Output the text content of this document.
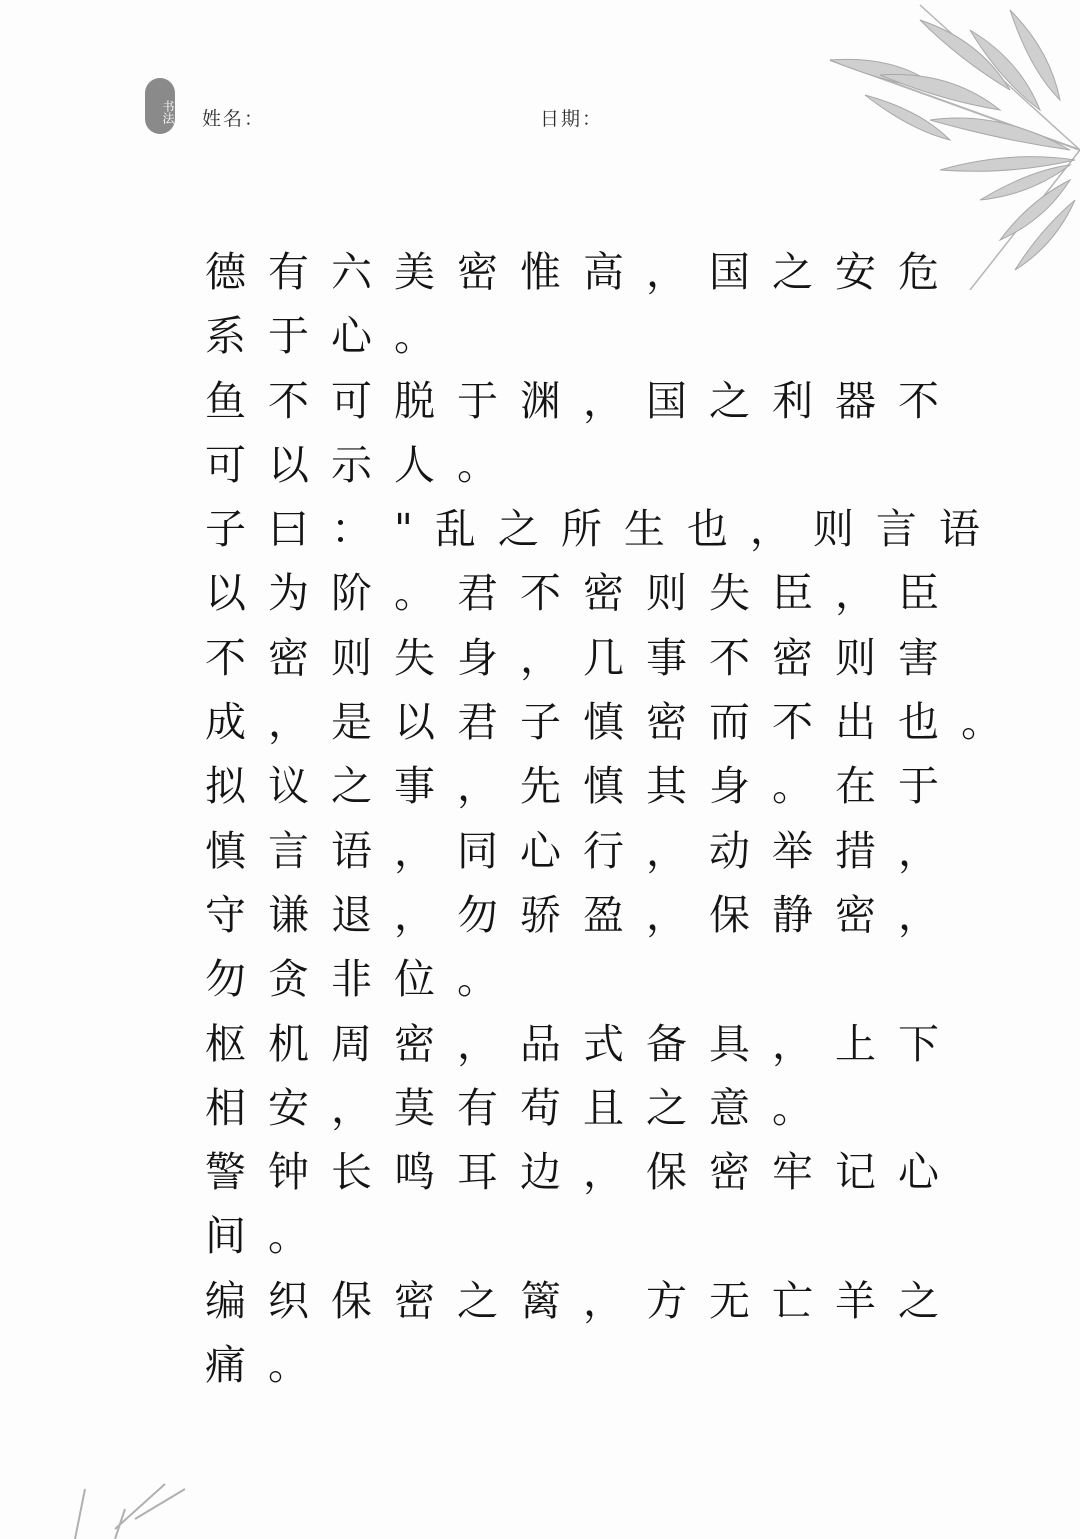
书法 姓名：	日期：
德有六美密惟高，国之安危
系于心。
鱼不可脱于渊，国之利器不
可以示人。
子曰："乱之所生也，则言语
以为阶。君不密则失臣，臣
不密则失身，几事不密则害
成，是以君子慎密而不出也。
拟议之事，先慎其身。在于
慎言语，同心行，动举措，
守谦退，勿骄盈，保静密，
勿贪非位。
枢机周密，品式备具，上下
相安，莫有苟且之意。
警钟长鸣耳边，保密牢记心
间。
编织保密之篱，方无亡羊之
痛。
